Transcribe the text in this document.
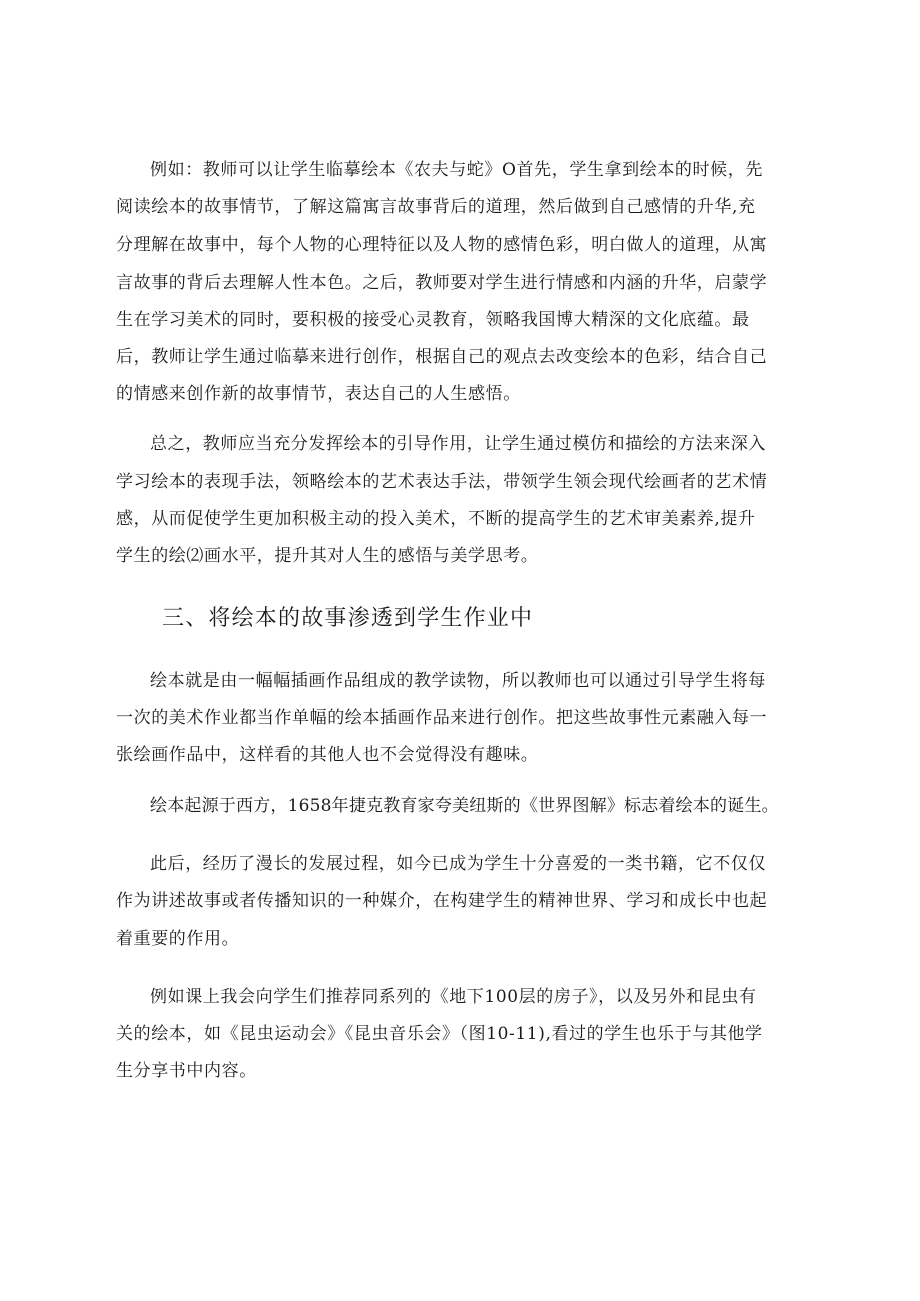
例如：教师可以让学生临摹绘本《农夫与蛇》O首先，学生拿到绘本的时候，先
阅读绘本的故事情节，了解这篇寓言故事背后的道理，然后做到自己感情的升华,充
分理解在故事中，每个人物的心理特征以及人物的感情色彩，明白做人的道理，从寓
言故事的背后去理解人性本色。之后，教师要对学生进行情感和内涵的升华，启蒙学
生在学习美术的同时，要积极的接受心灵教育，领略我国博大精深的文化底蕴。最
后，教师让学生通过临摹来进行创作，根据自己的观点去改变绘本的色彩，结合自己
的情感来创作新的故事情节，表达自己的人生感悟。
总之，教师应当充分发挥绘本的引导作用，让学生通过模仿和描绘的方法来深入
学习绘本的表现手法，领略绘本的艺术表达手法，带领学生领会现代绘画者的艺术情
感，从而促使学生更加积极主动的投入美术，不断的提高学生的艺术审美素养,提升
学生的绘⑵画水平，提升其对人生的感悟与美学思考。
三、将绘本的故事渗透到学生作业中
绘本就是由一幅幅插画作品组成的教学读物，所以教师也可以通过引导学生将每
一次的美术作业都当作单幅的绘本插画作品来进行创作。把这些故事性元素融入每一
张绘画作品中，这样看的其他人也不会觉得没有趣味。
绘本起源于西方，1658年捷克教育家夸美纽斯的《世界图解》标志着绘本的诞生。
此后，经历了漫长的发展过程，如今已成为学生十分喜爱的一类书籍，它不仅仅
作为讲述故事或者传播知识的一种媒介，在构建学生的精神世界、学习和成长中也起
着重要的作用。
例如课上我会向学生们推荐同系列的《地下100层的房子》，以及另外和昆虫有
关的绘本，如《昆虫运动会》《昆虫音乐会》（图10-11),看过的学生也乐于与其他学
生分享书中内容。
